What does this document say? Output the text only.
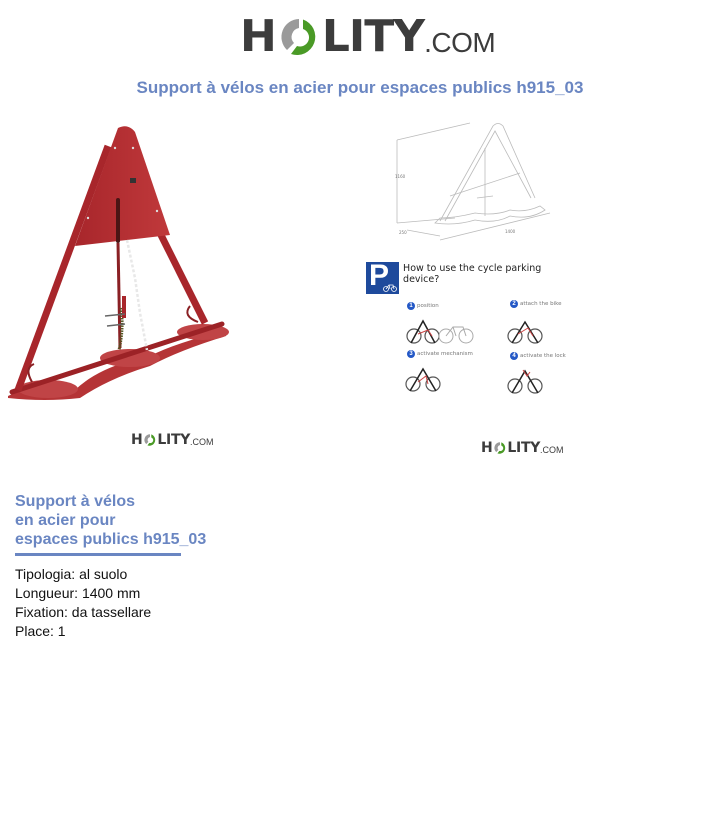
H LITY .COM
Support à vélos en acier pour espaces publics h915_03
1160
250	1400
P How to use the cycle parking device?
1 position	2 attach the bike
3 activate mechanism	4 activate the lock
H LITY .COM	H LITY .COM
Support à vélos
en acier pour
espaces publics h915_03
Tipologia: al suolo
Longueur: 1400 mm
Fixation: da tassellare
Place: 1
